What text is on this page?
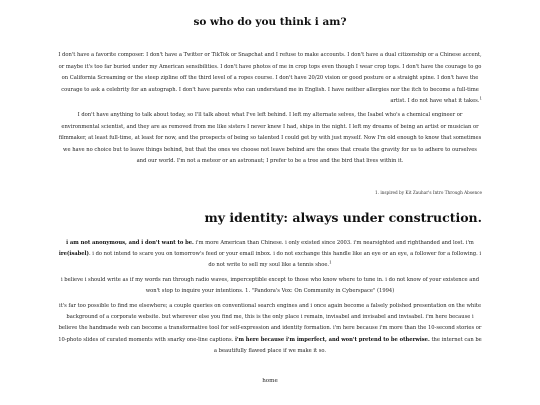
so who do you think i am?

I don't have a favorite composer. I don't have a Twitter or TikTok or Snapchat and I refuse to make accounts. I don't have a dual citizenship or a Chinese accent, or maybe it's too far buried under my American sensibilities. I don't have photos of me in crop tops even though I wear crop tops. I don't have the courage to go on California Screaming or the steep zipline off the third level of a ropes course. I don't have 20/20 vision or good posture or a straight spine. I don't have the courage to ask a celebrity for an autograph. I don't have parents who can understand me in English. I have neither allergies nor the itch to become a full-time
artist. I do not have what it takes.$^1$

I don't have anything to talk about today, so I'll talk about what I've left behind. I left my alternate selves, the Isabel who's a chemical engineer or environmental scientist, and they are as removed from me like sisters I never knew I had, ships in the night. I left my dreams of being an artist or musician or filmmaker, at least full-time, at least for now, and the prospects of being so talented I could get by with just myself. Now I'm old enough to know that sometimes we have no choice but to leave things behind, but that the ones we choose not leave behind are the ones that create the gravity for us to adhere to ourselves and our world. I'm not a meteor or an astronaut; I prefer to be a tree and the bird that lives within it.

1. inspired by Kit Zauhar's Intro Through Absence
my identity: always under construction.

i am not anonymous, and i don't want to be. i'm more American than Chinese. i only existed since 2003. i'm nearsighted and righthanded and lost. i'm ire(isabel). i do not intend to scare you on tomorrow's feed or your email inbox. i do not exchange this handle like an eye or an eye, a follower for a following. i do not write to sell my soul like a tennis shoe.$^1$

i believe i should write as if my words ran through radio waves, imperceptible except to those who know where to tune in. i do not know of your existence and won't stop to inquire your intentions. 1. "Pandora's Vox: On Community in Cyberspace" (1994)

it's far too possible to find me elsewhere; a couple queries on conventional search engines and i once again become a falsely polished presentation on the white background of a corporate website. but wherever else you find me, this is the only place i remain, invisabel and invisabel and invisabel. i'm here because i believe the handmade web can become a transformative tool for self-expression and identity formation. i'm here because i'm more than the 10-second stories or 10-photo slides of curated moments with snarky one-line captions. i'm here because i'm imperfect, and won't pretend to be otherwise. the internet can be a beautifully flawed place if we make it so.

home
